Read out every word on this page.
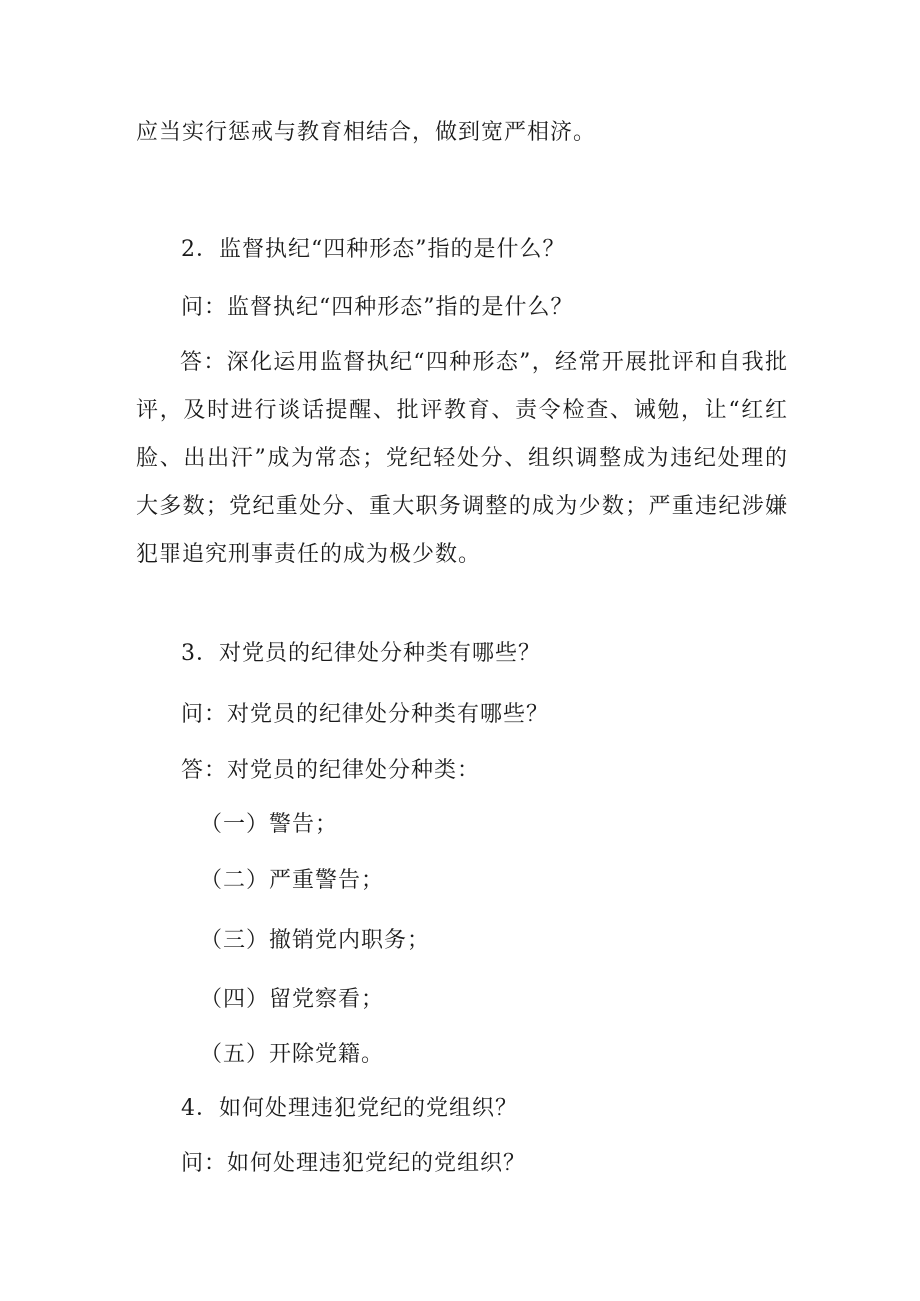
应当实行惩戒与教育相结合，做到宽严相济。

2．监督执纪“四种形态”指的是什么？

问：监督执纪“四种形态”指的是什么？

答：深化运用监督执纪“四种形态”，经常开展批评和自我批评，及时进行谈话提醒、批评教育、责令检查、诫勉，让“红红脸、出出汗”成为常态；党纪轻处分、组织调整成为违纪处理的大多数；党纪重处分、重大职务调整的成为少数；严重违纪涉嫌犯罪追究刑事责任的成为极少数。

3．对党员的纪律处分种类有哪些？

问：对党员的纪律处分种类有哪些？

答：对党员的纪律处分种类：

（一）警告；

（二）严重警告；

（三）撤销党内职务；

（四）留党察看；

（五）开除党籍。

4．如何处理违犯党纪的党组织？

问：如何处理违犯党纪的党组织？
